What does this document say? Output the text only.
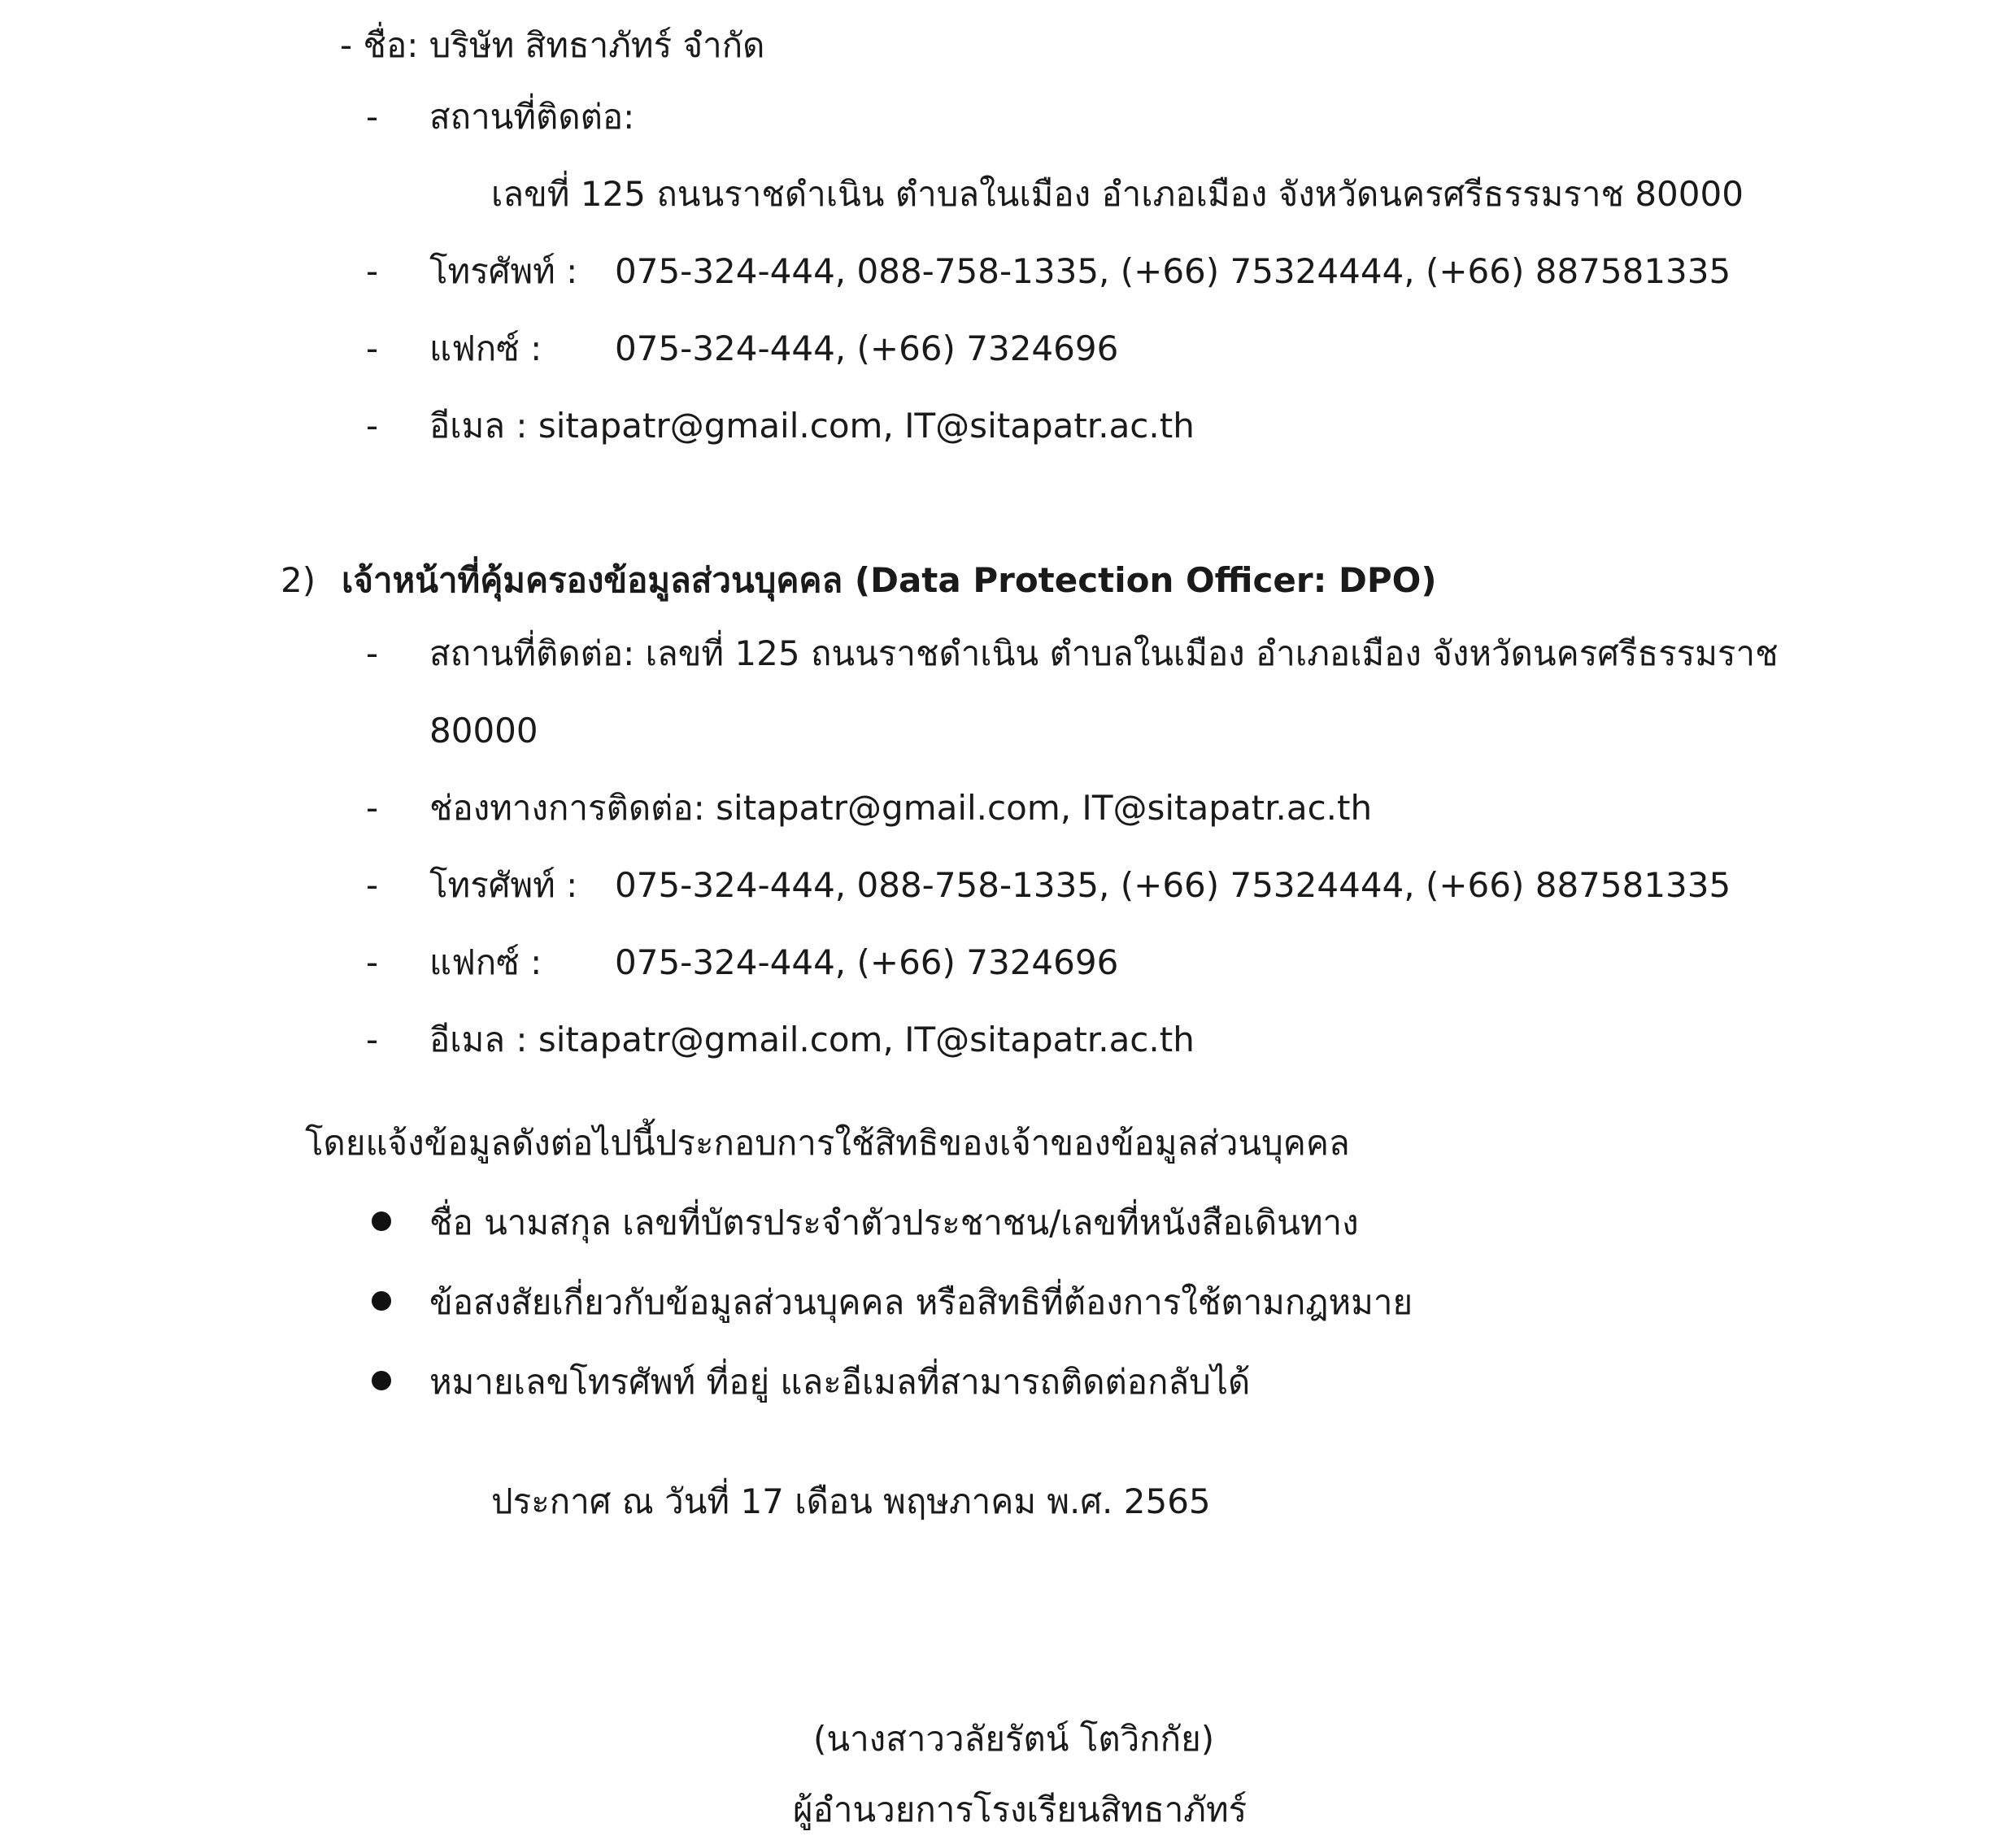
- ชื่อ: บริษัท สิทธาภัทร์ จำกัด
- สถานที่ติดต่อ:
เลขที่ 125 ถนนราชดำเนิน ตำบลในเมือง อำเภอเมือง จังหวัดนครศรีธรรมราช 80000
- โทรศัพท์ : 075-324-444, 088-758-1335, (+66) 75324444, (+66) 887581335
- แฟกซ์ : 075-324-444, (+66) 7324696
- อีเมล : sitapatr@gmail.com, IT@sitapatr.ac.th
2) เจ้าหน้าที่คุ้มครองข้อมูลส่วนบุคคล (Data Protection Officer: DPO)
- สถานที่ติดต่อ: เลขที่ 125 ถนนราชดำเนิน ตำบลในเมือง อำเภอเมือง จังหวัดนครศรีธรรมราช
80000
- ช่องทางการติดต่อ: sitapatr@gmail.com, IT@sitapatr.ac.th
- โทรศัพท์ : 075-324-444, 088-758-1335, (+66) 75324444, (+66) 887581335
- แฟกซ์ : 075-324-444, (+66) 7324696
- อีเมล : sitapatr@gmail.com, IT@sitapatr.ac.th
โดยแจ้งข้อมูลดังต่อไปนี้ประกอบการใช้สิทธิของเจ้าของข้อมูลส่วนบุคคล
ชื่อ นามสกุล เลขที่บัตรประจำตัวประชาชน/เลขที่หนังสือเดินทาง
ข้อสงสัยเกี่ยวกับข้อมูลส่วนบุคคล หรือสิทธิที่ต้องการใช้ตามกฎหมาย
หมายเลขโทรศัพท์ ที่อยู่ และอีเมลที่สามารถติดต่อกลับได้
ประกาศ ณ วันที่ 17 เดือน พฤษภาคม พ.ศ. 2565
(นางสาววลัยรัตน์ โตวิกกัย)
ผู้อำนวยการโรงเรียนสิทธาภัทร์
